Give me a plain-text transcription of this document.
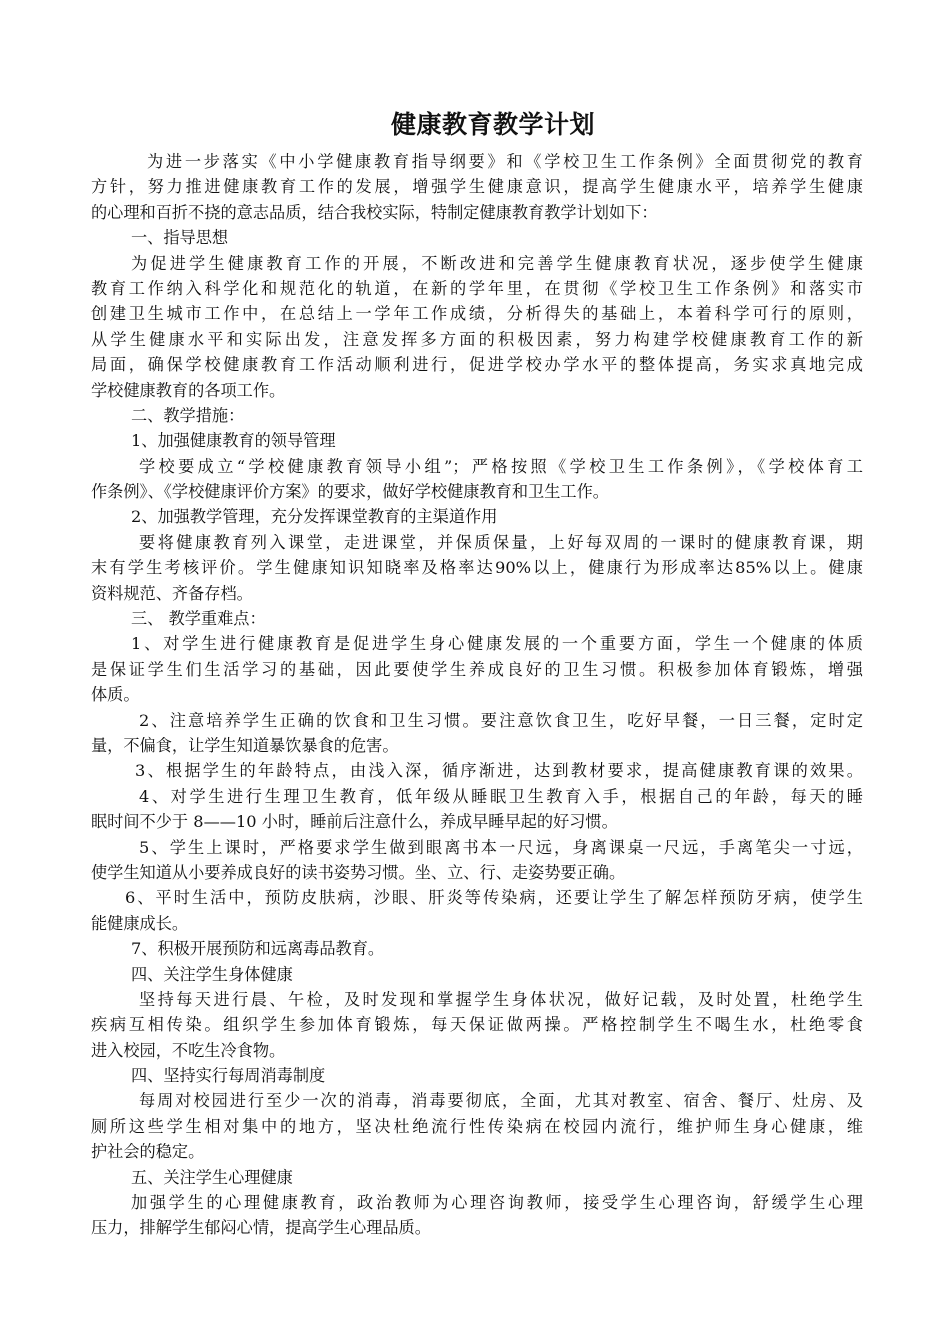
健康教育教学计划
为进一步落实《中小学健康教育指导纲要》和《学校卫生工作条例》全面贯彻党的教育
方针，努力推进健康教育工作的发展，增强学生健康意识，提高学生健康水平，培养学生健康
的心理和百折不挠的意志品质，结合我校实际，特制定健康教育教学计划如下：
一、指导思想
为促进学生健康教育工作的开展，不断改进和完善学生健康教育状况，逐步使学生健康
教育工作纳入科学化和规范化的轨道，在新的学年里，在贯彻《学校卫生工作条例》和落实市
创建卫生城市工作中，在总结上一学年工作成绩，分析得失的基础上，本着科学可行的原则，
从学生健康水平和实际出发，注意发挥多方面的积极因素，努力构建学校健康教育工作的新
局面，确保学校健康教育工作活动顺利进行，促进学校办学水平的整体提高，务实求真地完成
学校健康教育的各项工作。
二、教学措施：
1、加强健康教育的领导管理
学校要成立“学校健康教育领导小组”；严格按照《学校卫生工作条例》，《学校体育工
作条例》、《学校健康评价方案》的要求，做好学校健康教育和卫生工作。
2、加强教学管理，充分发挥课堂教育的主渠道作用
要将健康教育列入课堂，走进课堂，并保质保量，上好每双周的一课时的健康教育课，期
末有学生考核评价。学生健康知识知晓率及格率达90%以上，健康行为形成率达85%以上。健康
资料规范、齐备存档。
三、 教学重难点：
1、对学生进行健康教育是促进学生身心健康发展的一个重要方面，学生一个健康的体质
是保证学生们生活学习的基础，因此要使学生养成良好的卫生习惯。积极参加体育锻炼，增强
体质。
2、注意培养学生正确的饮食和卫生习惯。要注意饮食卫生，吃好早餐，一日三餐，定时定
量，不偏食，让学生知道暴饮暴食的危害。
3、根据学生的年龄特点，由浅入深，循序渐进，达到教材要求，提高健康教育课的效果。
4、对学生进行生理卫生教育，低年级从睡眠卫生教育入手，根据自己的年龄，每天的睡
眠时间不少于 8——10 小时，睡前后注意什么，养成早睡早起的好习惯。
5、学生上课时，严格要求学生做到眼离书本一尺远，身离课桌一尺远，手离笔尖一寸远，
使学生知道从小要养成良好的读书姿势习惯。坐、立、行、走姿势要正确。
6、平时生活中，预防皮肤病，沙眼、肝炎等传染病，还要让学生了解怎样预防牙病，使学生
能健康成长。
7、积极开展预防和远离毒品教育。
四、关注学生身体健康
坚持每天进行晨、午检，及时发现和掌握学生身体状况，做好记载，及时处置，杜绝学生
疾病互相传染。组织学生参加体育锻炼，每天保证做两操。严格控制学生不喝生水，杜绝零食
进入校园，不吃生冷食物。
四、坚持实行每周消毒制度
每周对校园进行至少一次的消毒，消毒要彻底，全面，尤其对教室、宿舍、餐厅、灶房、及
厕所这些学生相对集中的地方，坚决杜绝流行性传染病在校园内流行，维护师生身心健康，维
护社会的稳定。
五、关注学生心理健康
加强学生的心理健康教育，政治教师为心理咨询教师，接受学生心理咨询，舒缓学生心理
压力，排解学生郁闷心情，提高学生心理品质。
